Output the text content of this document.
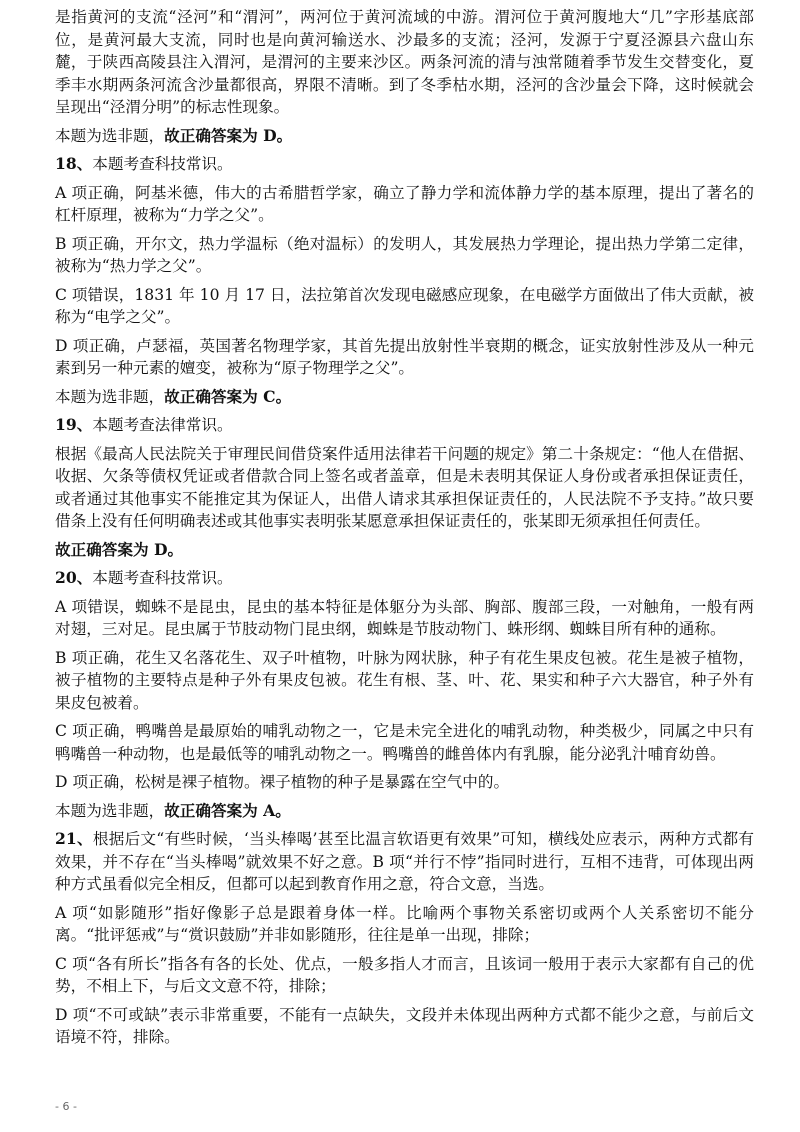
是指黄河的支流“泾河”和“渭河”，两河位于黄河流域的中游。渭河位于黄河腹地大“几”字形基底部位，是黄河最大支流，同时也是向黄河输送水、沙最多的支流；泾河，发源于宁夏泾源县六盘山东麓，于陕西高陵县注入渭河，是渭河的主要来沙区。两条河流的清与浊常随着季节发生交替变化，夏季丰水期两条河流含沙量都很高，界限不清晰。到了冬季枯水期，泾河的含沙量会下降，这时候就会呈现出“泾渭分明”的标志性现象。

本题为选非题，故正确答案为 D。

18、本题考查科技常识。

A 项正确，阿基米德，伟大的古希腊哲学家，确立了静力学和流体静力学的基本原理，提出了著名的杠杆原理，被称为“力学之父”。

B 项正确，开尔文，热力学温标（绝对温标）的发明人，其发展热力学理论，提出热力学第二定律，被称为“热力学之父”。

C 项错误，1831 年 10 月 17 日，法拉第首次发现电磁感应现象，在电磁学方面做出了伟大贡献，被称为“电学之父”。

D 项正确，卢瑟福，英国著名物理学家，其首先提出放射性半衰期的概念，证实放射性涉及从一种元素到另一种元素的嬗变，被称为“原子物理学之父”。

本题为选非题，故正确答案为 C。

19、本题考查法律常识。

根据《最高人民法院关于审理民间借贷案件适用法律若干问题的规定》第二十条规定：“他人在借据、收据、欠条等债权凭证或者借款合同上签名或者盖章，但是未表明其保证人身份或者承担保证责任，或者通过其他事实不能推定其为保证人，出借人请求其承担保证责任的，人民法院不予支持。”故只要借条上没有任何明确表述或其他事实表明张某愿意承担保证责任的，张某即无须承担任何责任。

故正确答案为 D。

20、本题考查科技常识。

A 项错误，蜘蛛不是昆虫，昆虫的基本特征是体躯分为头部、胸部、腹部三段，一对触角，一般有两对翅，三对足。昆虫属于节肢动物门昆虫纲，蜘蛛是节肢动物门、蛛形纲、蜘蛛目所有种的通称。

B 项正确，花生又名落花生、双子叶植物，叶脉为网状脉，种子有花生果皮包被。花生是被子植物，被子植物的主要特点是种子外有果皮包被。花生有根、茎、叶、花、果实和种子六大器官，种子外有果皮包被着。

C 项正确，鸭嘴兽是最原始的哺乳动物之一，它是未完全进化的哺乳动物，种类极少，同属之中只有鸭嘴兽一种动物，也是最低等的哺乳动物之一。鸭嘴兽的雌兽体内有乳腺，能分泌乳汁哺育幼兽。

D 项正确，松树是裸子植物。裸子植物的种子是暴露在空气中的。

本题为选非题，故正确答案为 A。

21、根据后文“有些时候，‘当头棒喝’甚至比温言软语更有效果”可知，横线处应表示，两种方式都有效果，并不存在“当头棒喝”就效果不好之意。B 项“并行不悖”指同时进行，互相不违背，可体现出两种方式虽看似完全相反，但都可以起到教育作用之意，符合文意，当选。

A 项“如影随形”指好像影子总是跟着身体一样。比喻两个事物关系密切或两个人关系密切不能分离。“批评惩戒”与“赏识鼓励”并非如影随形，往往是单一出现，排除；

C 项“各有所长”指各有各的长处、优点，一般多指人才而言，且该词一般用于表示大家都有自己的优势，不相上下，与后文文意不符，排除；

D 项“不可或缺”表示非常重要，不能有一点缺失，文段并未体现出两种方式都不能少之意，与前后文语境不符，排除。

- 6 -
